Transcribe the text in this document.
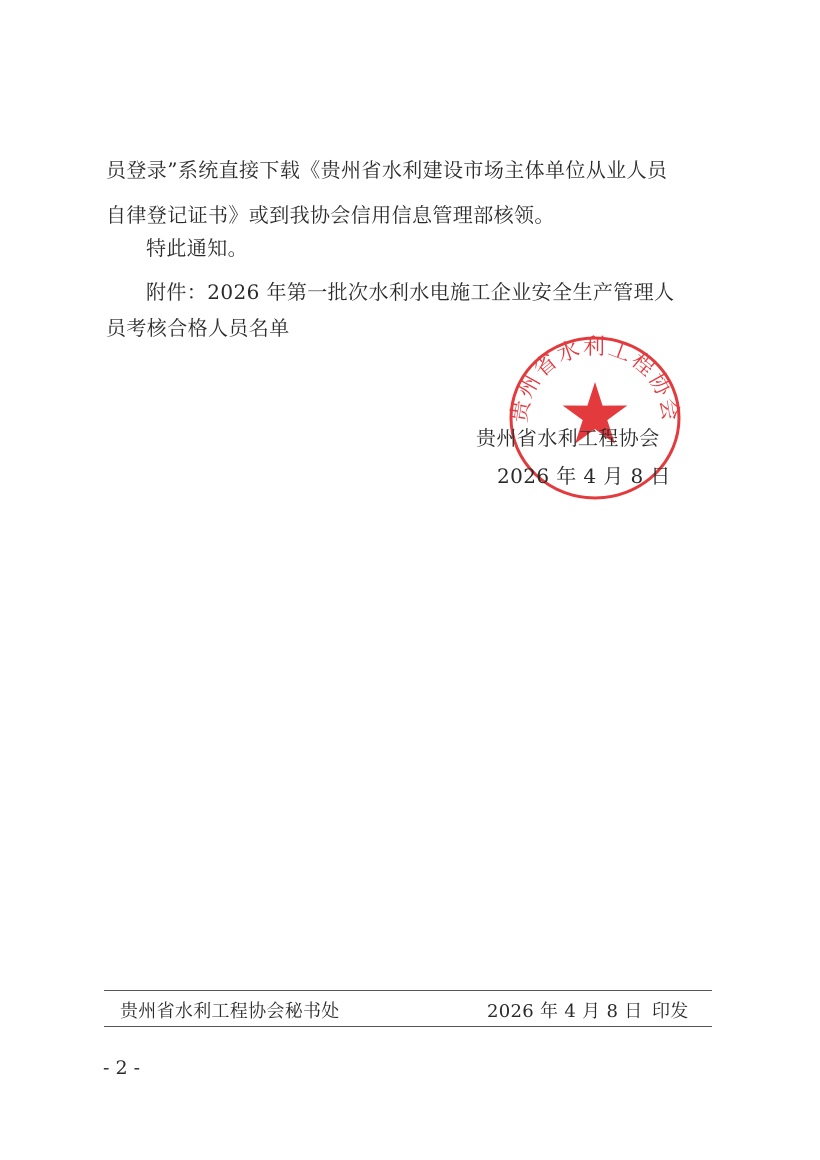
员登录”系统直接下载《贵州省水利建设市场主体单位从业人员
自律登记证书》或到我协会信用信息管理部核领。
特此通知。
附件：2026 年第一批次水利水电施工企业安全生产管理人
员考核合格人员名单
贵州省水利工程协会
贵州省水利工程协会
2026 年 4 月 8 日
贵州省水利工程协会秘书处	2026 年 4 月 8 日 印发
- 2 -
